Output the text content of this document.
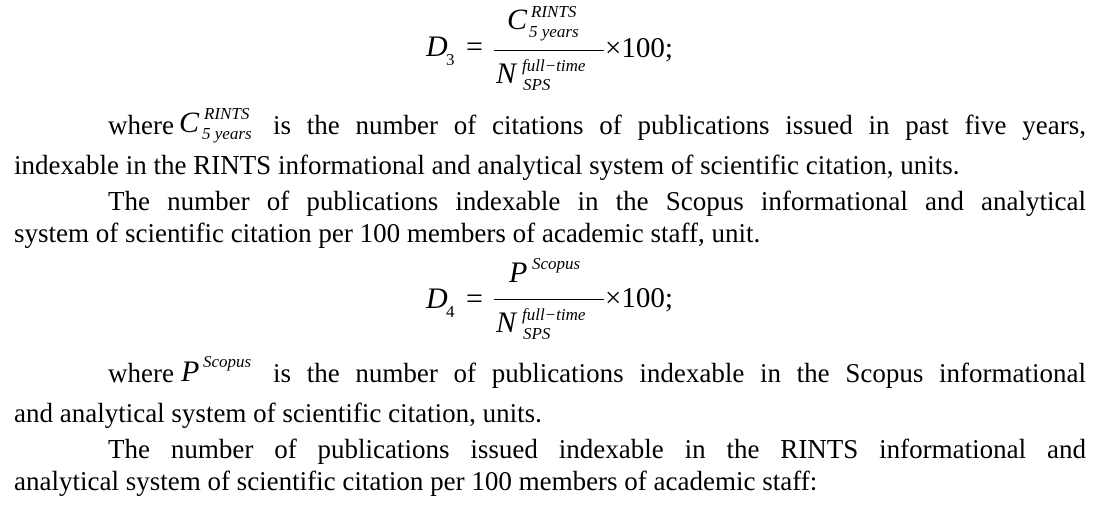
D
3 =
C RINTS
5 years
N full−time
SPS
×100;
where C RINTS
5 years is the number of citations of publications issued in past five years,
indexable in the RINTS informational and analytical system of scientific citation, units.
The number of publications indexable in the Scopus informational and analytical
system of scientific citation per 100 members of academic staff, unit.
D
4 =
P Scopus
N full−time
SPS
×100;
where P Scopus is the number of publications indexable in the Scopus informational
and analytical system of scientific citation, units.
The number of publications issued indexable in the RINTS informational and
analytical system of scientific citation per 100 members of academic staff:
